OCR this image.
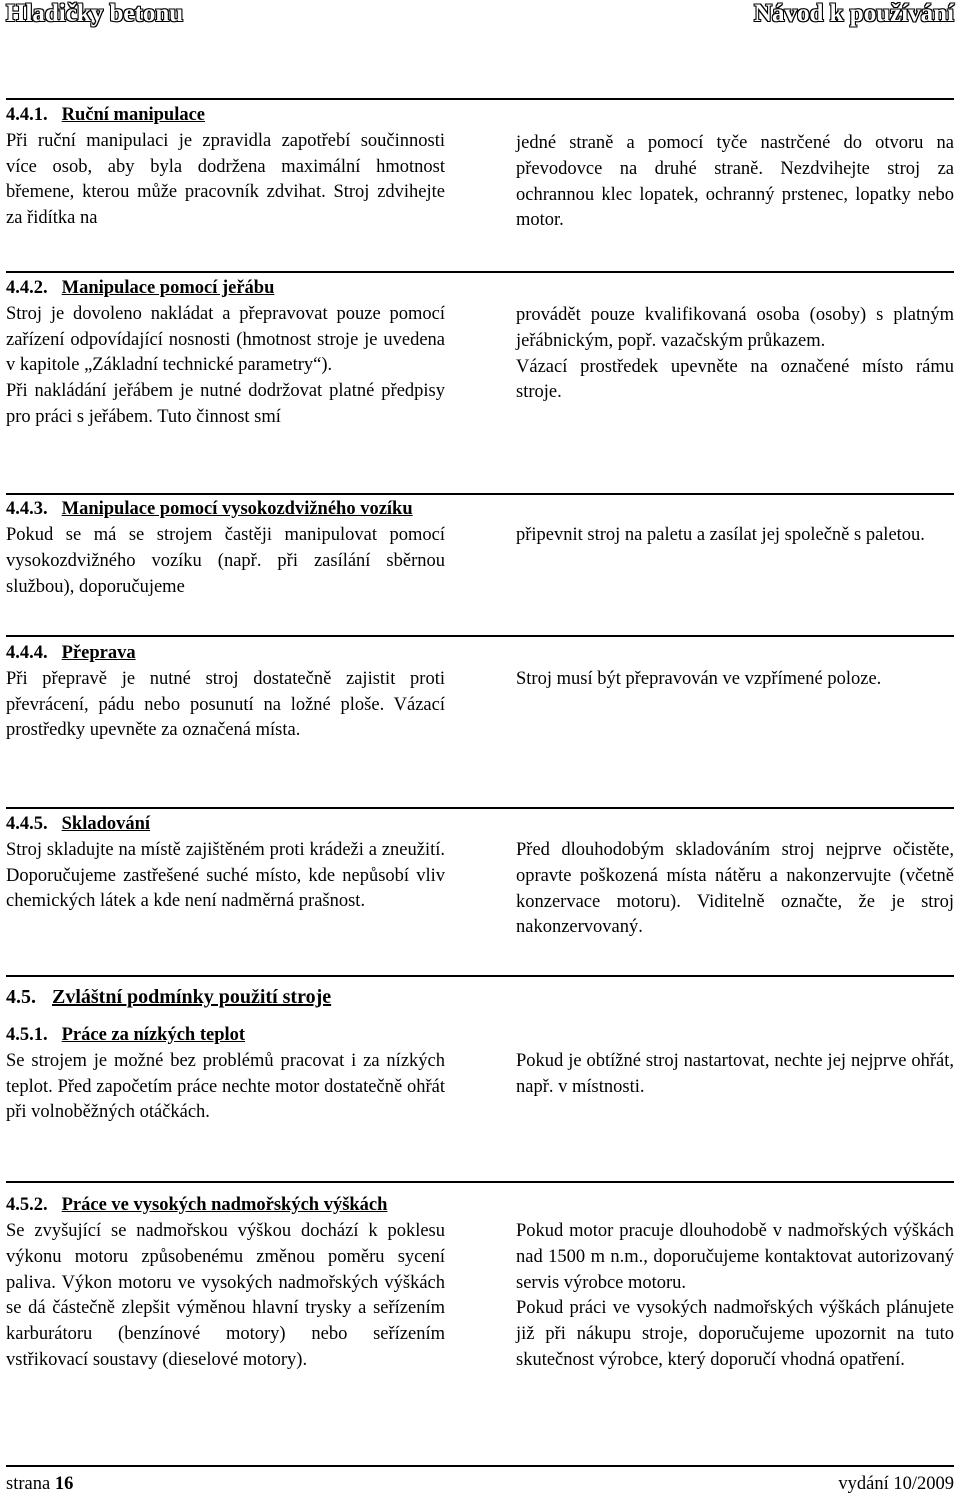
Hladičky betonu	Návod k používání
4.4.1. Ruční manipulace
Při ruční manipulaci je zpravidla zapotřebí součinnosti více osob, aby byla dodržena maximální hmotnost břemene, kterou může pracovník zdvihat. Stroj zdvihejte za řidítka na
jedné straně a pomocí tyče nastrčené do otvoru na převodovce na druhé straně. Nezdvihejte stroj za ochrannou klec lopatek, ochranný prstenec, lopatky nebo motor.
4.4.2. Manipulace pomocí jeřábu
Stroj je dovoleno nakládat a přepravovat pouze pomocí zařízení odpovídající nosnosti (hmotnost stroje je uvedena v kapitole „Základní technické parametry“).
Při nakládání jeřábem je nutné dodržovat platné předpisy pro práci s jeřábem. Tuto činnost smí
provádět pouze kvalifikovaná osoba (osoby) s platným jeřábnickým, popř. vazačským průkazem.
Vázací prostředek upevněte na označené místo rámu stroje.
4.4.3. Manipulace pomocí vysokozdvižného vozíku
Pokud se má se strojem častěji manipulovat pomocí vysokozdvižného vozíku (např. při zasílání sběrnou službou), doporučujeme
připevnit stroj na paletu a zasílat jej společně s paletou.
4.4.4. Přeprava
Při přepravě je nutné stroj dostatečně zajistit proti převrácení, pádu nebo posunutí na ložné ploše. Vázací prostředky upevněte za označená místa.
Stroj musí být přepravován ve vzpřímené poloze.
4.4.5. Skladování
Stroj skladujte na místě zajištěném proti krádeži a zneužití. Doporučujeme zastřešené suché místo, kde nepůsobí vliv chemických látek a kde není nadměrná prašnost.
Před dlouhodobým skladováním stroj nejprve očistěte, opravte poškozená místa nátěru a nakonzervujte (včetně konzervace motoru). Viditelně označte, že je stroj nakonzervovaný.
4.5. Zvláštní podmínky použití stroje
4.5.1. Práce za nízkých teplot
Se strojem je možné bez problémů pracovat i za nízkých teplot. Před započetím práce nechte motor dostatečně ohřát při volnoběžných otáčkách.
Pokud je obtížné stroj nastartovat, nechte jej nejprve ohřát, např. v místnosti.
4.5.2. Práce ve vysokých nadmořských výškách
Se zvyšující se nadmořskou výškou dochází k poklesu výkonu motoru způsobenému změnou poměru sycení paliva. Výkon motoru ve vysokých nadmořských výškách se dá částečně zlepšit výměnou hlavní trysky a seřízením karburátoru (benzínové motory) nebo seřízením vstřikovací soustavy (dieselové motory).
Pokud motor pracuje dlouhodobě v nadmořských výškách nad 1500 m n.m., doporučujeme kontaktovat autorizovaný servis výrobce motoru.
Pokud práci ve vysokých nadmořských výškách plánujete již při nákupu stroje, doporučujeme upozornit na tuto skutečnost výrobce, který doporučí vhodná opatření.
strana 16	vydání 10/2009
